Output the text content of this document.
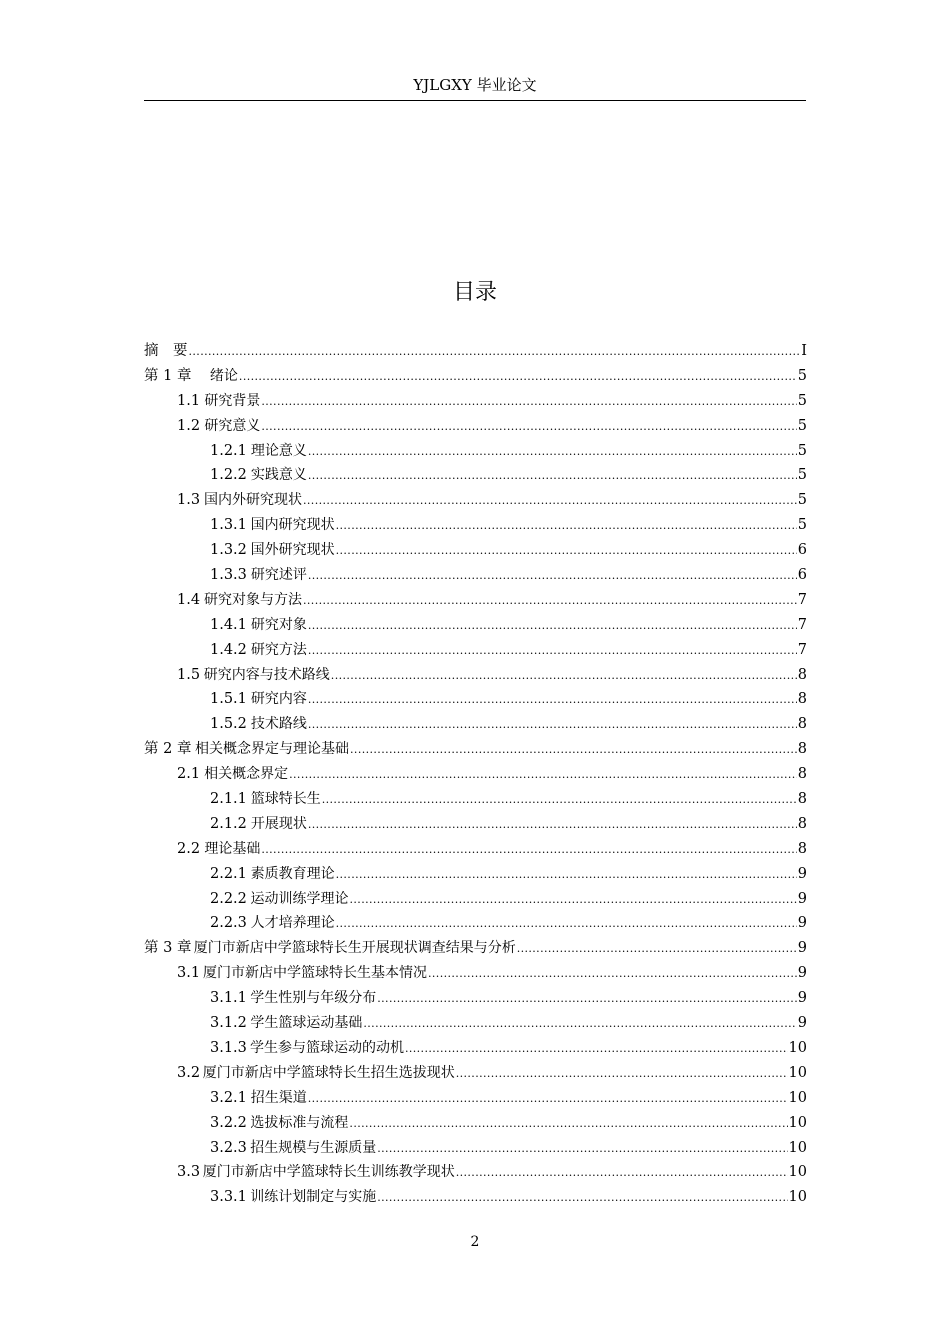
YJLGXY 毕业论文
目录
摘　要 .....	I
第 1 章 　绪论 .....	5
1.1 研究背景 .....	5
1.2 研究意义 .....	5
1.2.1 理论意义 .....	5
1.2.2 实践意义 .....	5
1.3 国内外研究现状 .....	5
1.3.1 国内研究现状 .....	5
1.3.2 国外研究现状 .....	6
1.3.3 研究述评 .....	6
1.4 研究对象与方法 .....	7
1.4.1 研究对象 .....	7
1.4.2 研究方法 .....	7
1.5 研究内容与技术路线 .....	8
1.5.1 研究内容 .....	8
1.5.2 技术路线 .....	8
第 2 章 相关概念界定与理论基础 .....	8
2.1 相关概念界定 .....	8
2.1.1 篮球特长生 .....	8
2.1.2 开展现状 .....	8
2.2 理论基础 .....	8
2.2.1 素质教育理论 .....	9
2.2.2 运动训练学理论 .....	9
2.2.3 人才培养理论 .....	9
第 3 章 厦门市新店中学篮球特长生开展现状调查结果与分析 .....	9
3.1 厦门市新店中学篮球特长生基本情况 .....	9
3.1.1 学生性别与年级分布 .....	9
3.1.2 学生篮球运动基础 .....	9
3.1.3 学生参与篮球运动的动机 .....	10
3.2 厦门市新店中学篮球特长生招生选拔现状 .....	10
3.2.1 招生渠道 .....	10
3.2.2 选拔标准与流程 .....	10
3.2.3 招生规模与生源质量 .....	10
3.3 厦门市新店中学篮球特长生训练教学现状 .....	10
3.3.1 训练计划制定与实施 .....	10
2
